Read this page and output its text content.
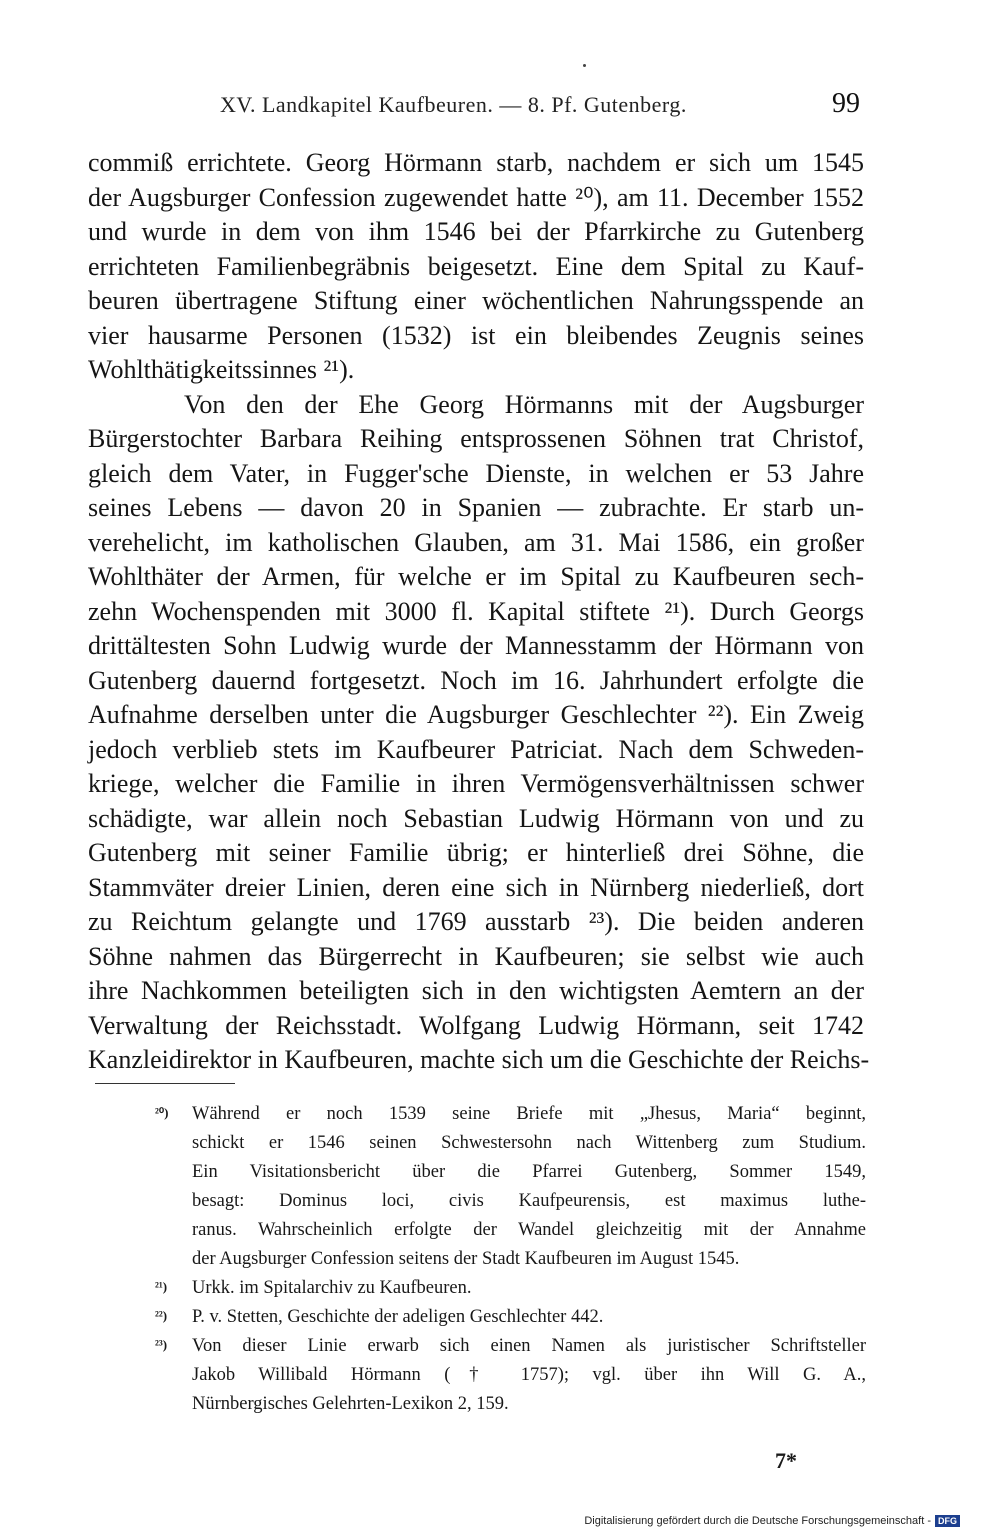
XV. Landkapitel Kaufbeuren. — 8. Pf. Gutenberg.	99

commiß errichtete. Georg Hörmann starb, nachdem er sich um 1545
der Augsburger Confession zugewendet hatte ²⁰), am 11. December 1552
und wurde in dem von ihm 1546 bei der Pfarrkirche zu Gutenberg
errichteten Familienbegräbnis beigesetzt. Eine dem Spital zu Kauf-
beuren übertragene Stiftung einer wöchentlichen Nahrungsspende an
vier hausarme Personen (1532) ist ein bleibendes Zeugnis seines
Wohlthätigkeitssinnes ²¹).

Von den der Ehe Georg Hörmanns mit der Augsburger
Bürgerstochter Barbara Reihing entsprossenen Söhnen trat Christof,
gleich dem Vater, in Fugger'sche Dienste, in welchen er 53 Jahre
seines Lebens — davon 20 in Spanien — zubrachte. Er starb un-
verehelicht, im katholischen Glauben, am 31. Mai 1586, ein großer
Wohlthäter der Armen, für welche er im Spital zu Kaufbeuren sech-
zehn Wochenspenden mit 3000 fl. Kapital stiftete ²¹). Durch Georgs
drittältesten Sohn Ludwig wurde der Mannesstamm der Hörmann von
Gutenberg dauernd fortgesetzt. Noch im 16. Jahrhundert erfolgte die
Aufnahme derselben unter die Augsburger Geschlechter ²²). Ein Zweig
jedoch verblieb stets im Kaufbeurer Patriciat. Nach dem Schweden-
kriege, welcher die Familie in ihren Vermögensverhältnissen schwer
schädigte, war allein noch Sebastian Ludwig Hörmann von und zu
Gutenberg mit seiner Familie übrig; er hinterließ drei Söhne, die
Stammväter dreier Linien, deren eine sich in Nürnberg niederließ, dort
zu Reichtum gelangte und 1769 ausstarb ²³). Die beiden anderen
Söhne nahmen das Bürgerrecht in Kaufbeuren; sie selbst wie auch
ihre Nachkommen beteiligten sich in den wichtigsten Aemtern an der
Verwaltung der Reichsstadt. Wolfgang Ludwig Hörmann, seit 1742
Kanzleidirektor in Kaufbeuren, machte sich um die Geschichte der Reichs-

²⁰) Während er noch 1539 seine Briefe mit „Jhesus, Maria“ beginnt,
schickt er 1546 seinen Schwestersohn nach Wittenberg zum Studium.
Ein Visitationsbericht über die Pfarrei Gutenberg, Sommer 1549,
besagt: Dominus loci, civis Kaufpeurensis, est maximus luthe-
ranus. Wahrscheinlich erfolgte der Wandel gleichzeitig mit der Annahme
der Augsburger Confession seitens der Stadt Kaufbeuren im August 1545.
²¹) Urkk. im Spitalarchiv zu Kaufbeuren.
²²) P. v. Stetten, Geschichte der adeligen Geschlechter 442.
²³) Von dieser Linie erwarb sich einen Namen als juristischer Schriftsteller
Jakob Willibald Hörmann († 1757); vgl. über ihn Will G. A.,
Nürnbergisches Gelehrten-Lexikon 2, 159.
7*
Digitalisierung gefördert durch die Deutsche Forschungsgemeinschaft - DFG
